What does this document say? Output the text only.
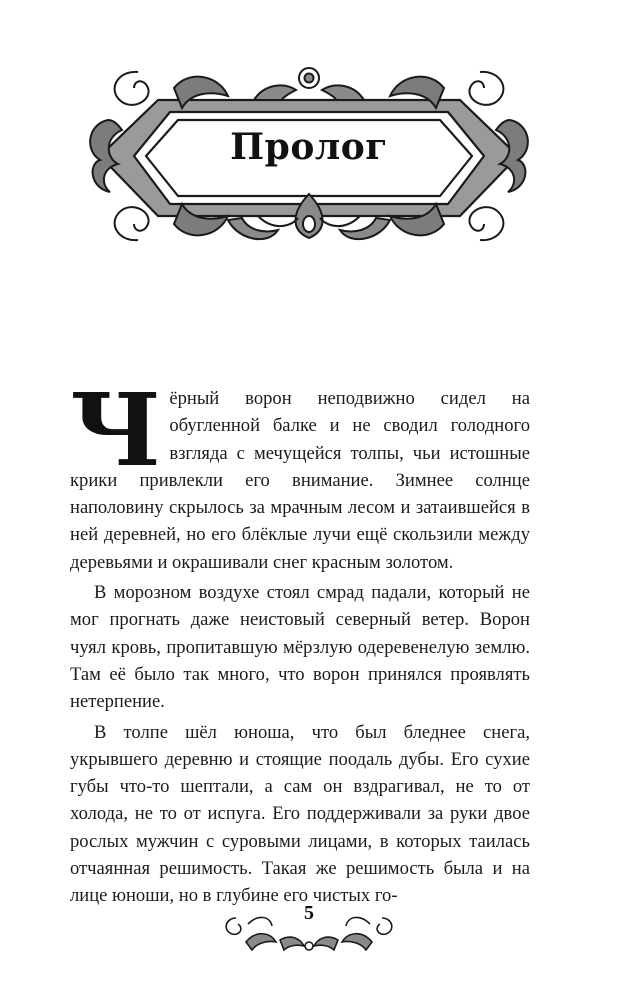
Пролог

Чёрный ворон неподвижно сидел на обугленной балке и не сводил голодного взгляда с мечущейся толпы, чьи истошные крики привлекли его внимание. Зимнее солнце наполовину скрылось за мрачным лесом и затаившейся в ней деревней, но его блёклые лучи ещё скользили между деревьями и окрашивали снег красным золотом.

В морозном воздухе стоял смрад падали, который не мог прогнать даже неистовый северный ветер. Ворон чуял кровь, пропитавшую мёрзлую одеревенелую землю. Там её было так много, что ворон принялся проявлять нетерпение.

В толпе шёл юноша, что был бледнее снега, укрывшего деревню и стоящие поодаль дубы. Его сухие губы что-то шептали, а сам он вздрагивал, не то от холода, не то от испуга. Его поддерживали за руки двое рослых мужчин с суровыми лицами, в которых таилась отчаянная решимость. Такая же решимость была и на лице юноши, но в глубине его чистых го-

5
